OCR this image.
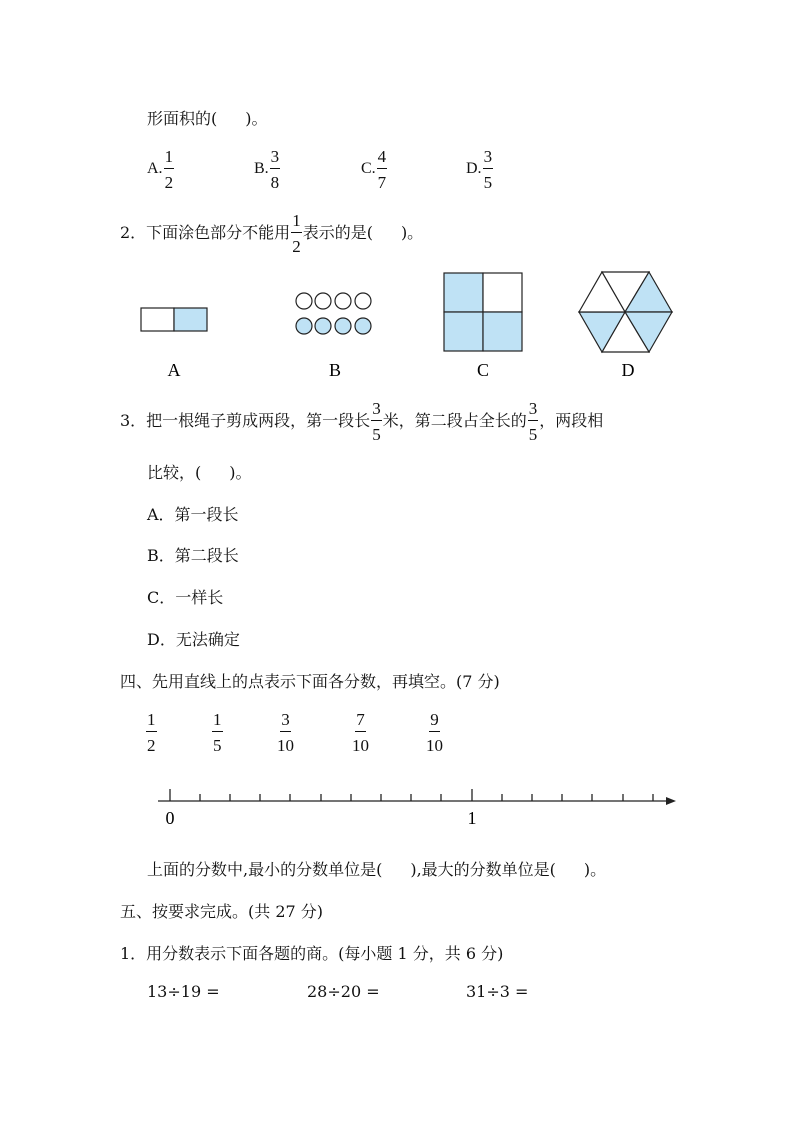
形面积的( )。
A. $\frac{1}{2}$	B. $\frac{3}{8}$	C. $\frac{4}{7}$	D. $\frac{3}{5}$
2．下面涂色部分不能用 $\frac{1}{2}$ 表示的是( )。
A	B	C	D
3．把一根绳子剪成两段，第一段长 $\frac{3}{5}$ 米，第二段占全长的 $\frac{3}{5}$ ，两段相
比较，( )。
A．第一段长
B．第二段长
C．一样长
D．无法确定
四、先用直线上的点表示下面各分数，再填空。(7 分)
$\frac{1}{2}$	$\frac{1}{5}$	$\frac{3}{10}$	$\frac{7}{10}$	$\frac{9}{10}$
0	1
上面的分数中,最小的分数单位是( ),最大的分数单位是( )。
五、按要求完成。(共 27 分)
1．用分数表示下面各题的商。(每小题 1 分，共 6 分)
13÷19 =	28÷20 =	31÷3 =
